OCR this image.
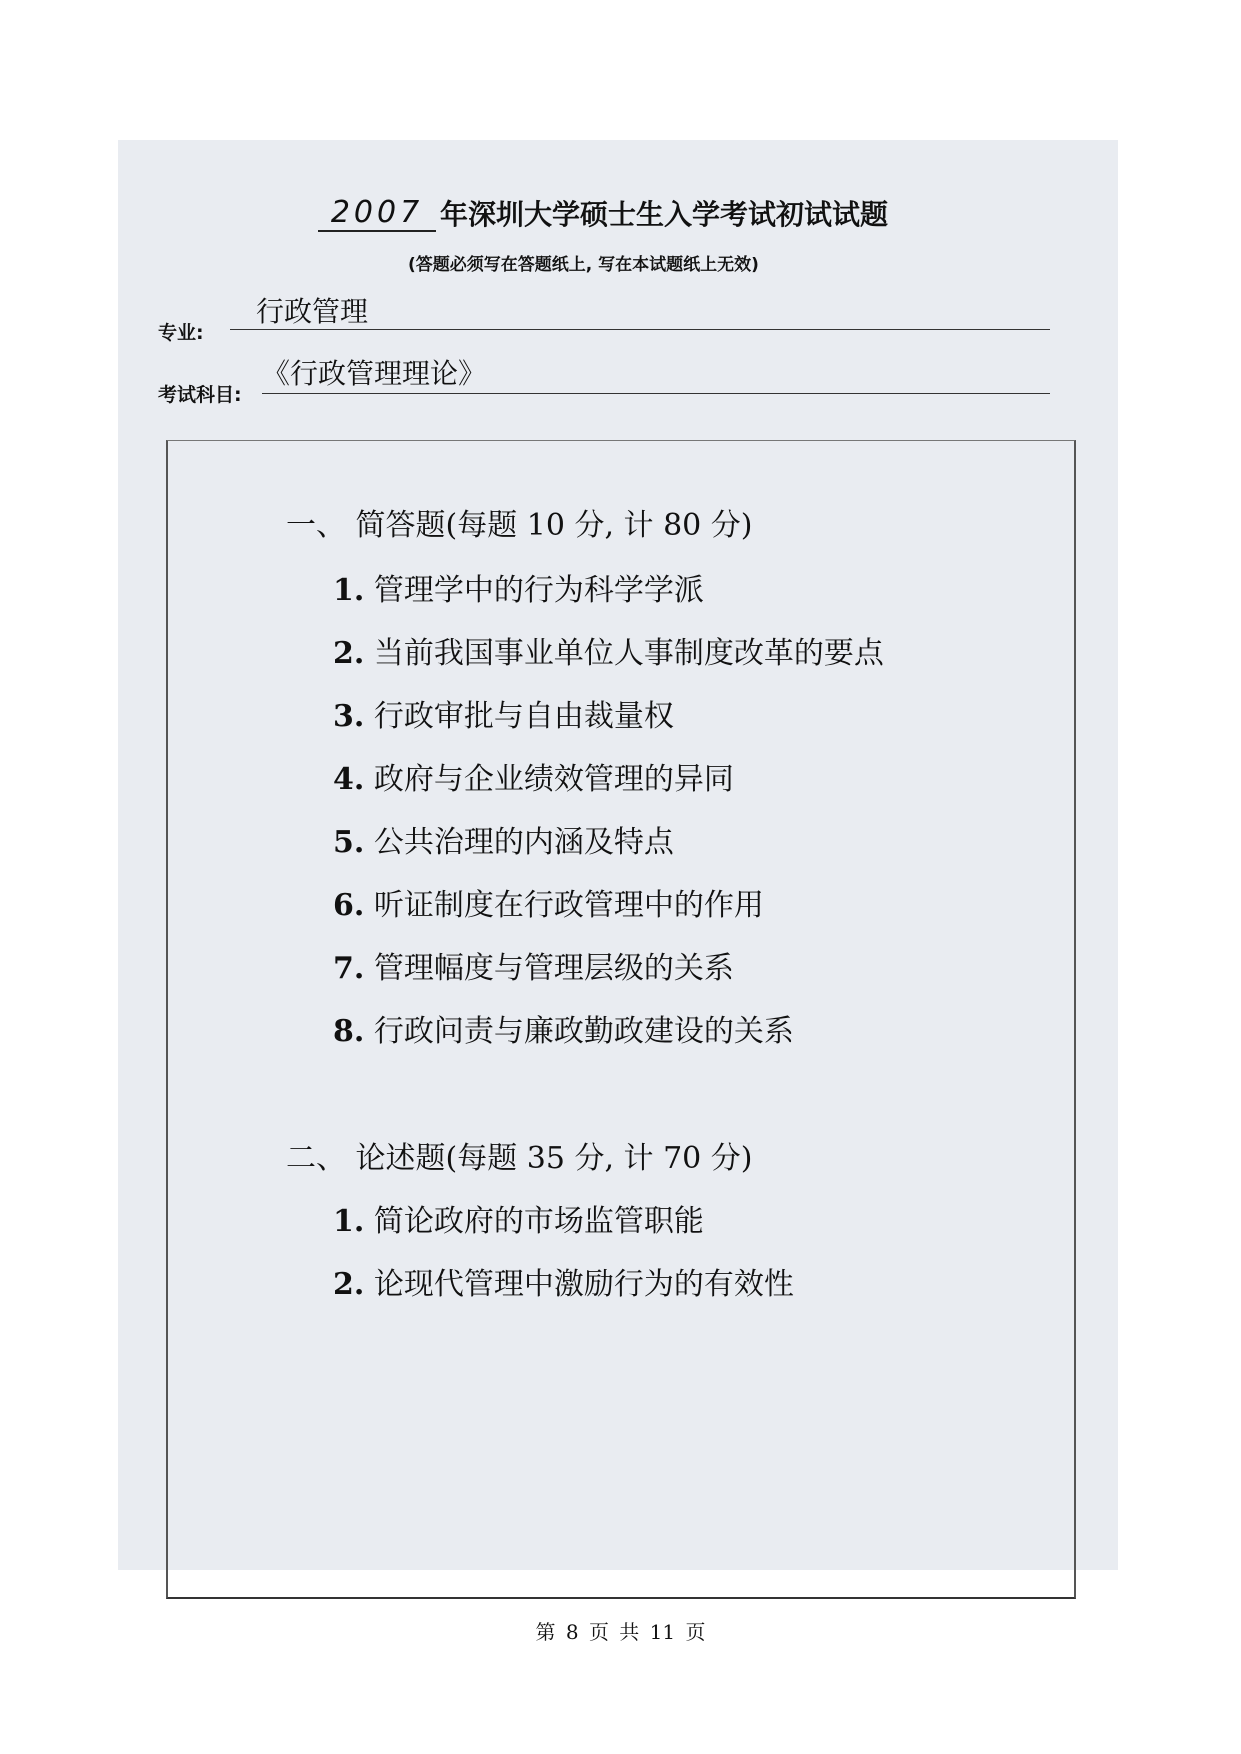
2007 年深圳大学硕士生入学考试初试试题
(答题必须写在答题纸上, 写在本试题纸上无效)
专业:
行政管理
考试科目:
《行政管理理论》
一、 简答题(每题 10 分, 计 80 分)
1. 管理学中的行为科学学派
2. 当前我国事业单位人事制度改革的要点
3. 行政审批与自由裁量权
4. 政府与企业绩效管理的异同
5. 公共治理的内涵及特点
6. 听证制度在行政管理中的作用
7. 管理幅度与管理层级的关系
8. 行政问责与廉政勤政建设的关系
二、 论述题(每题 35 分, 计 70 分)
1. 简论政府的市场监管职能
2. 论现代管理中激励行为的有效性
第 8 页 共 11 页
